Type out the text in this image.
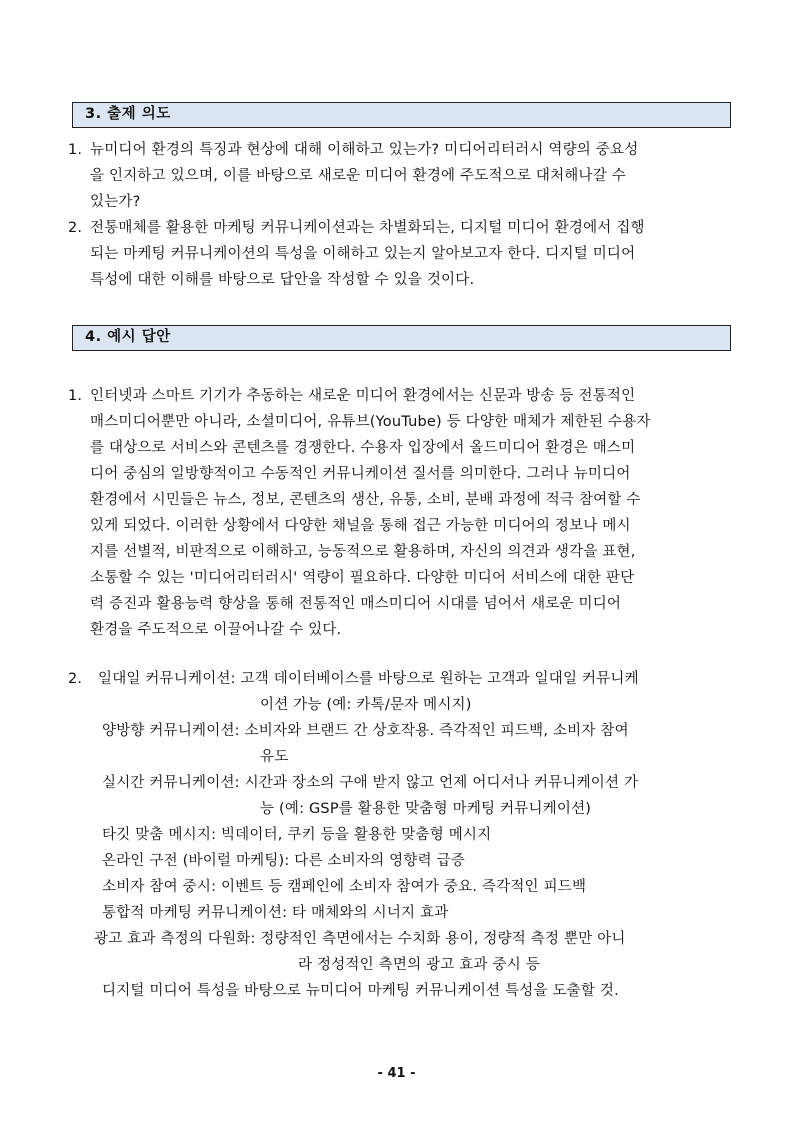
3. 출제 의도
1. 뉴미디어 환경의 특징과 현상에 대해 이해하고 있는가? 미디어리터러시 역량의 중요성
을 인지하고 있으며, 이를 바탕으로 새로운 미디어 환경에 주도적으로 대처해나갈 수
있는가?
2. 전통매체를 활용한 마케팅 커뮤니케이션과는 차별화되는, 디지털 미디어 환경에서 집행
되는 마케팅 커뮤니케이션의 특성을 이해하고 있는지 알아보고자 한다. 디지털 미디어
특성에 대한 이해를 바탕으로 답안을 작성할 수 있을 것이다.
4. 예시 답안
1. 인터넷과 스마트 기기가 추동하는 새로운 미디어 환경에서는 신문과 방송 등 전통적인
매스미디어뿐만 아니라, 소셜미디어, 유튜브(YouTube) 등 다양한 매체가 제한된 수용자
를 대상으로 서비스와 콘텐츠를 경쟁한다. 수용자 입장에서 올드미디어 환경은 매스미
디어 중심의 일방향적이고 수동적인 커뮤니케이션 질서를 의미한다. 그러나 뉴미디어
환경에서 시민들은 뉴스, 정보, 콘텐츠의 생산, 유통, 소비, 분배 과정에 적극 참여할 수
있게 되었다. 이러한 상황에서 다양한 채널을 통해 접근 가능한 미디어의 정보나 메시
지를 선별적, 비판적으로 이해하고, 능동적으로 활용하며, 자신의 의견과 생각을 표현,
소통할 수 있는 '미디어리터러시' 역량이 필요하다. 다양한 미디어 서비스에 대한 판단
력 증진과 활용능력 향상을 통해 전통적인 매스미디어 시대를 넘어서 새로운 미디어
환경을 주도적으로 이끌어나갈 수 있다.
2. 일대일 커뮤니케이션: 고객 데이터베이스를 바탕으로 원하는 고객과 일대일 커뮤니케
이션 가능 (예: 카톡/문자 메시지)
양방향 커뮤니케이션: 소비자와 브랜드 간 상호작용. 즉각적인 피드백, 소비자 참여
유도
실시간 커뮤니케이션: 시간과 장소의 구애 받지 않고 언제 어디서나 커뮤니케이션 가
능 (예: GSP를 활용한 맞춤형 마케팅 커뮤니케이션)
타깃 맞춤 메시지: 빅데이터, 쿠키 등을 활용한 맞춤형 메시지
온라인 구전 (바이럴 마케팅): 다른 소비자의 영향력 급증
소비자 참여 중시: 이벤트 등 캠페인에 소비자 참여가 중요. 즉각적인 피드백
통합적 마케팅 커뮤니케이션: 타 매체와의 시너지 효과
광고 효과 측정의 다원화: 정량적인 측면에서는 수치화 용이, 정량적 측정 뿐만 아니
라 정성적인 측면의 광고 효과 중시 등
디지털 미디어 특성을 바탕으로 뉴미디어 마케팅 커뮤니케이션 특성을 도출할 것.
- 41 -
